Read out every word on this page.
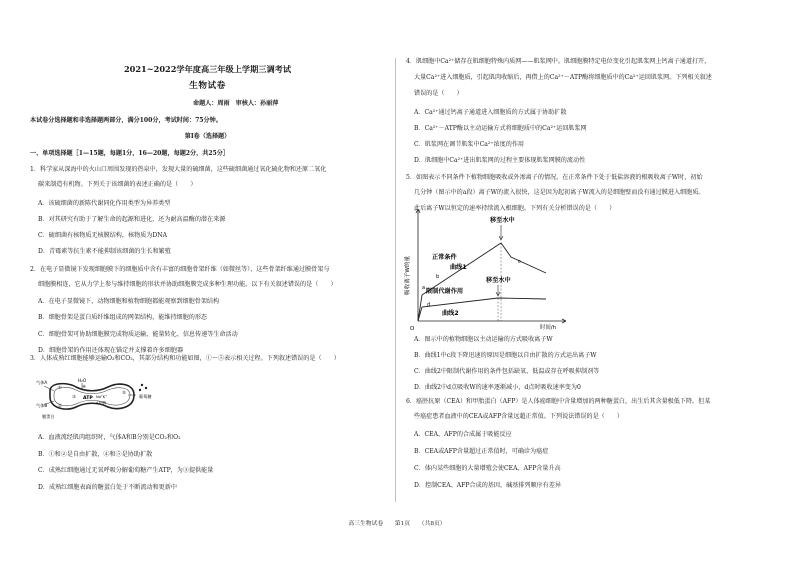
2021~2022学年度高三年级上学期三调考试
生物试卷
命题人：周雨　审核人：孙丽萍
本试卷分选择题和非选择题两部分，满分100分，考试时间：75分钟。
第Ⅰ卷（选择题）
一、单项选择题［1—15题，每题1分，16—20题，每题2分，共25分］
1．科学家从深海中的火山口周围发现的热泉中，发现大量的硫细菌，这些硫细菌通过氧化硫化物和还原二氧化
碳来制造有机物。下列关于该细菌的表述正确的是（　　）
A．该硫细菌的新陈代谢同化作用类型为异养类型
B．对其研究有助于了解生命的起源和进化，还为耐高温酶的潜在来源
C．硫细菌有核物质无核膜结构，核物质为DNA
D．青霉素等抗生素不能抑制该细菌的生长和繁殖
2．在电子显微镜下发现细胞膜下的细胞质中含有丰富的细胞骨架纤维（如微丝等），这些骨架纤维通过膜骨架与
细胞膜相连，它从力学上参与维持细胞的形状并协助细胞膜完成多种生理功能。以下有关叙述错误的是（　　）
A．在电子显微镜下，动物细胞和植物细胞都能观察到细胞骨架结构
B．细胞骨架是蛋白质纤维组成的网架结构，能维持细胞的形态
C．细胞骨架可协助细胞膜完成物质运输、能量转化、信息传递等生命活动
D．细胞骨架的作用还体现在锚定并支撑着许多细胞器
3．人体成熟红细胞能够运输O₂和CO₂，其部分结构和功能如图，①～⑤表示相关过程。下列叙述错误的是（　　）
A．血液流经肌肉组织时，气体A和B分别是CO₂和O₂
B．①和②是自由扩散，④和⑤是协助扩散
C．成熟红细胞通过无氧呼吸分解葡萄糖产生ATP，为③提供能量
D．成熟红细胞表面的糖蛋白处于不断流动和更新中
气体A
气体B
H₂O
膜蛋白
ATP Na⁺K⁺
ATP酶
葡萄糖
①
②
③
④
⑤
4．肌细胞中Ca²⁺储存在肌细胞特殊内质网——肌浆网中。肌细胞膜特定电位变化引起肌浆网上钙离子通道打开，
大量Ca²⁺进入细胞质，引起肌肉收缩后，再借上的Ca²⁺－ATP酶将细胞质中的Ca²⁺运回肌浆网。下列相关叙述
错误的是（　　）
A．Ca²⁺通过钙离子通道进入细胞质的方式属于协助扩散
B．Ca²⁺－ATP酶以主动运输方式将细胞质中的Ca²⁺运回肌浆网
C．肌浆网在调节肌浆中Ca²⁺浓度的作用
D．肌细胞中Ca²⁺进出肌浆网的过程主要体现肌浆网膜的流动性
5．如图表示不同条件下植物细胞吸收或外渗离子的情况。在正常条件下处于低盐溶液的根吸收离子W时，初始
几分钟（图示中的a段）离子W的流入很快，这是因为起初离子W流入的是细胞壁而没有通过膜进入细胞质。
此后离子W以恒定的速率持续流入根细胞。下列有关分析错误的是（　　）
A．图示中的植物细胞以主动运输的方式吸收离子W
B．曲线1中c段下降迅速的原因是细胞以自由扩散的方式运出离子W
C．曲线2中限制代谢作用的条件包括缺氧、低温或存在呼吸抑制剂等
D．曲线2中d点吸收W的速率逐渐减小，d点时吸收速率变为0
6．癌胚抗原（CEA）和甲胎蛋白（AFP）是人体癌细胞中含量增加的两种糖蛋白，出生后其含量极低下降。但某
些癌症患者血液中的CEA或AFP含量远超正常值。下列说法错误的是（　　）
A．CEA、AFP的合成属于吸能反应
B．CEA或AFP含量超过正常值时，可确诊为癌症
C．体内某些细胞的大量增殖会使CEA、AFP含量升高
D．控制CEA、AFP合成的基因，碱基排列顺序有差异
吸收离子W的量
时间/h
O
移至水中
移至水中
正常条件
曲线1
限制代谢作用
曲线2
a
b
c
d
高三生物试卷　　第1页　　（共8页）
